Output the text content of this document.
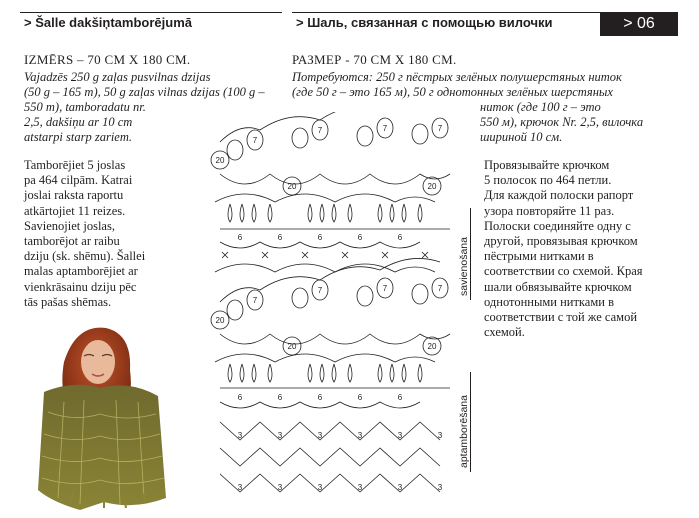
> Šalle dakšiņtamborējumā	> Шаль, связанная с помощью вилочки	> 06
IZMĒRS – 70 CM X 180 CM.	РАЗМЕР - 70 СМ X 180 СМ.
Vajadzēs 250 g zaļas pusvilnas dzijas
(50 g – 165 m), 50 g zaļas vilnas dzijas (100 g –
550 m), tamboradatu nr.
2,5, dakšiņu ar 10 cm
atstarpi starp zariem.
Потребуются: 250 г пёстрых зелёных полушерстяных ниток
(где 50 г – это 165 м), 50 г однотонных зелёных шерстяных
ниток (где 100 г – это
550 м), крючок Nr. 2,5, вилочка
шириной 10 см.
Tamborējiet 5 joslas
pa 464 cilpām. Katrai
joslai raksta raportu
atkārtojiet 11 reizes.
Savienojiet joslas,
tamborējot ar raibu
dziju (sk. shēmu). Šallei
malas aptamborējiet ar
vienkrāsainu dziju pēc
tās pašas shēmas.
Провязывайте крючком
5 полосок по 464 петли.
Для каждой полоски рапорт
узора повторяйте 11 раз.
Полоски соединяйте одну с
другой, провязывая крючком
пёстрыми нитками в
соответствии со схемой. Края
шали обвязывайте крючком
однотонными нитками в
соответствии с той же самой
схемой.
7
7	7	7
20
20	20
6	6	6	6	6
7
7	7	7
20
20	20
6	6	6	6	6
3	3	3	3	3	3
3	3	3	3	3	3
savienošana
aptamborēšana
